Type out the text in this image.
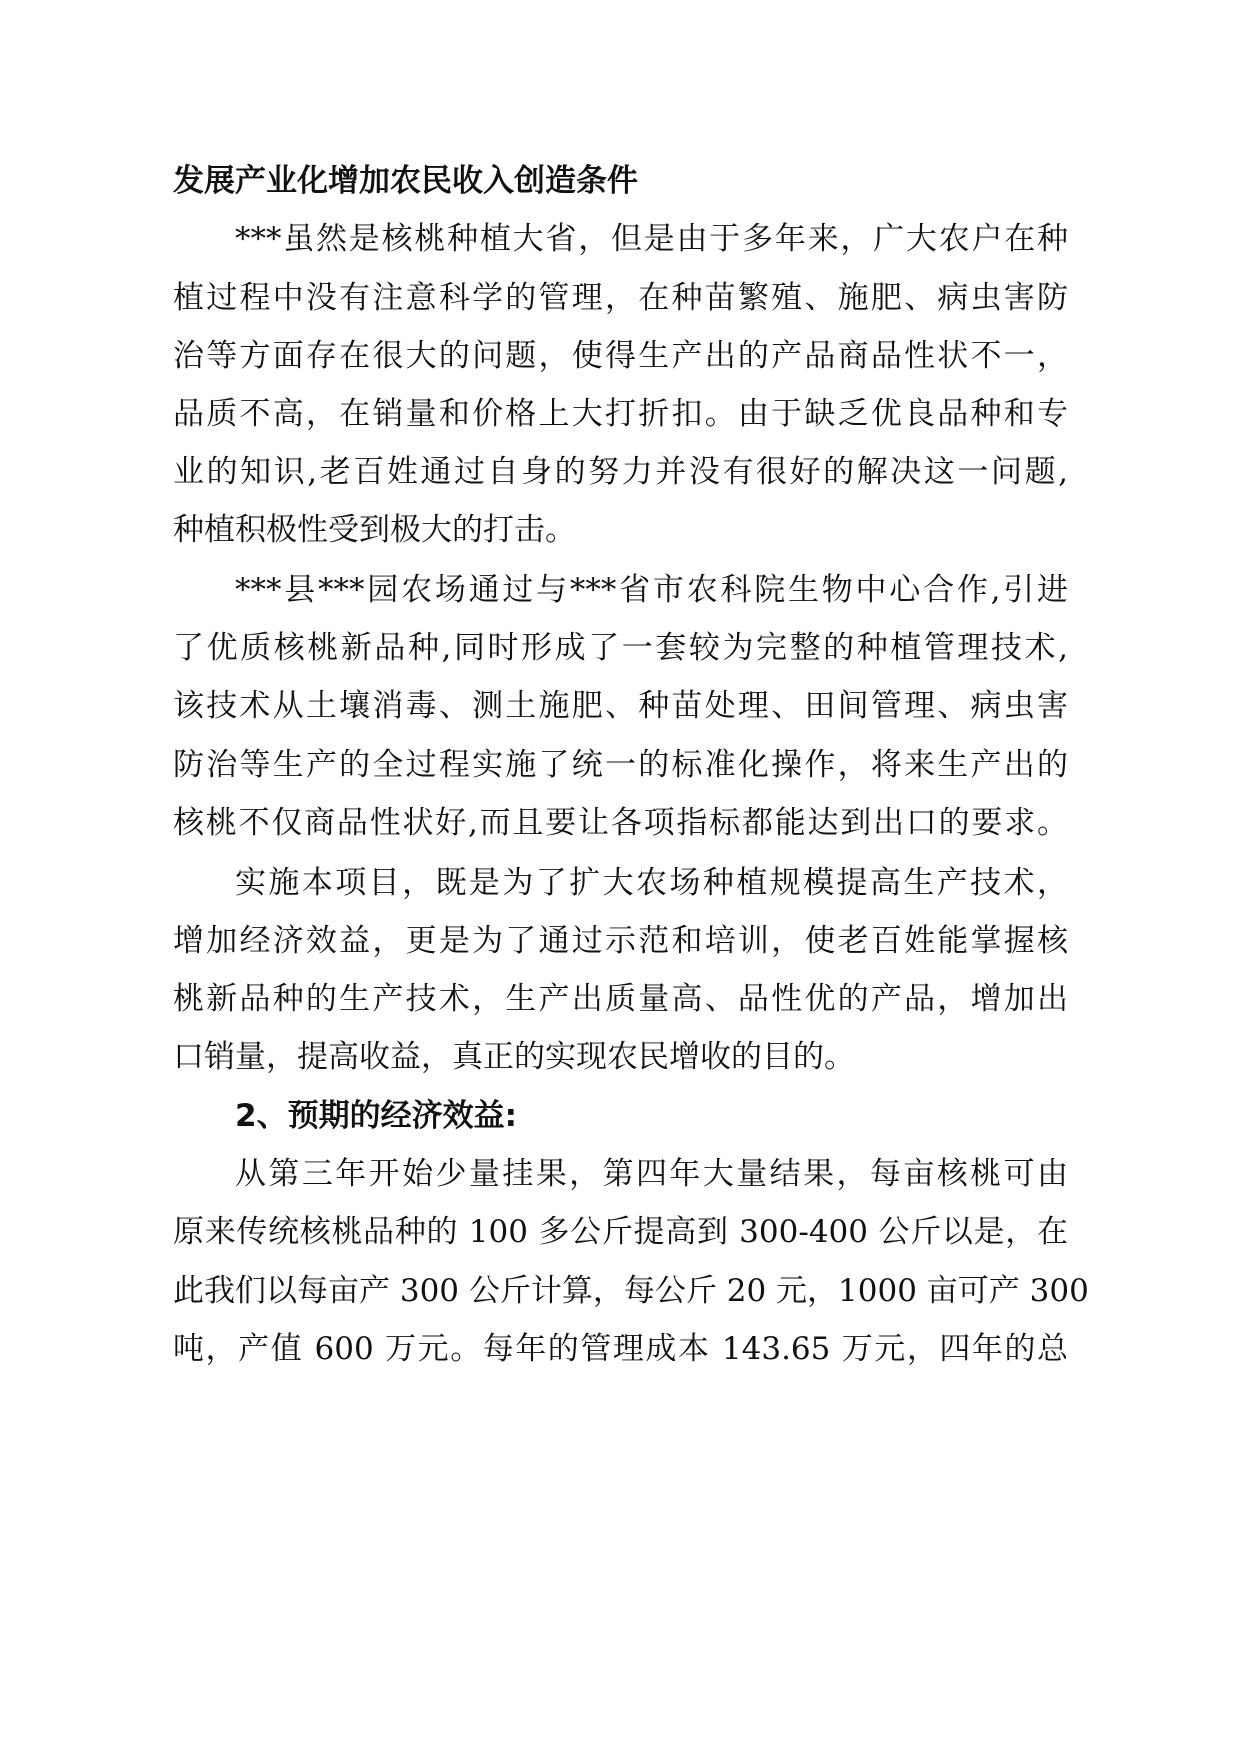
发展产业化增加农民收入创造条件
***虽然是核桃种植大省，但是由于多年来，广大农户在种
植过程中没有注意科学的管理，在种苗繁殖、施肥、病虫害防
治等方面存在很大的问题，使得生产出的产品商品性状不一，
品质不高，在销量和价格上大打折扣。由于缺乏优良品种和专
业的知识,老百姓通过自身的努力并没有很好的解决这一问题,
种植积极性受到极大的打击。
***县***园农场通过与***省市农科院生物中心合作,引进
了优质核桃新品种,同时形成了一套较为完整的种植管理技术,
该技术从土壤消毒、测土施肥、种苗处理、田间管理、病虫害
防治等生产的全过程实施了统一的标准化操作，将来生产出的
核桃不仅商品性状好,而且要让各项指标都能达到出口的要求。
实施本项目，既是为了扩大农场种植规模提高生产技术，
增加经济效益，更是为了通过示范和培训，使老百姓能掌握核
桃新品种的生产技术，生产出质量高、品性优的产品，增加出
口销量，提高收益，真正的实现农民增收的目的。
2、预期的经济效益:
从第三年开始少量挂果，第四年大量结果，每亩核桃可由
原来传统核桃品种的 100 多公斤提高到 300-400 公斤以是，在
此我们以每亩产 300 公斤计算，每公斤 20 元，1000 亩可产 300
吨，产值 600 万元。每年的管理成本 143.65 万元，四年的总
